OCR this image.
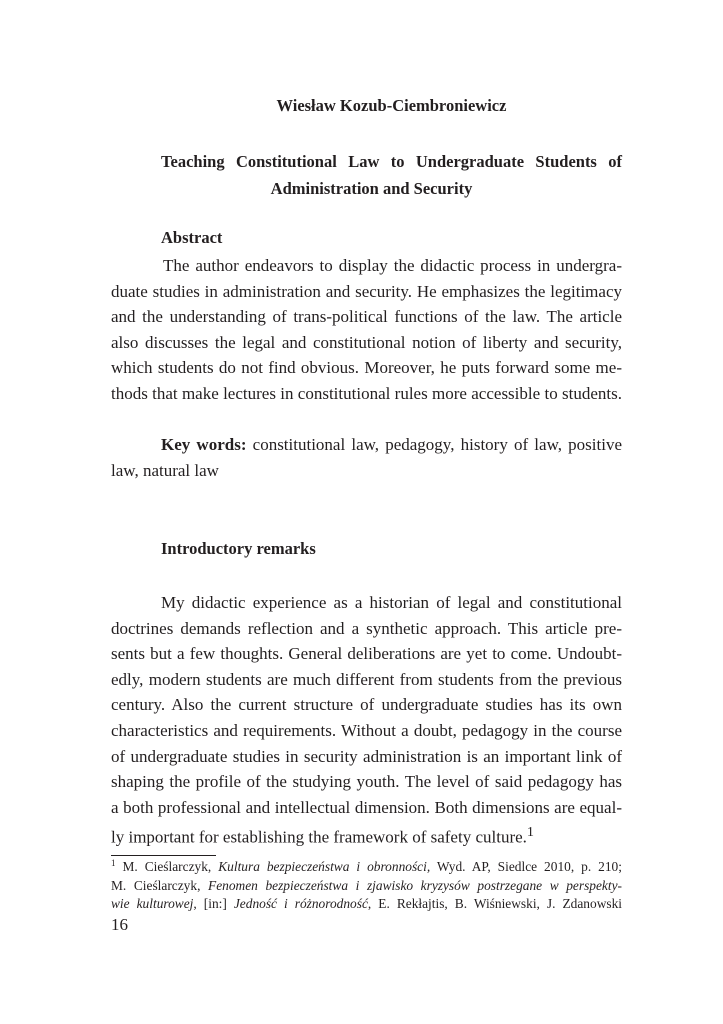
Wiesław Kozub-Ciembroniewicz
Teaching Constitutional Law to Undergraduate Students of
Administration and Security
Abstract
The author endeavors to display the didactic process in undergra-
duate studies in administration and security. He emphasizes the legitimacy
and the understanding of trans-political functions of the law. The article
also discusses the legal and constitutional notion of liberty and security,
which students do not find obvious. Moreover, he puts forward some me-
thods that make lectures in constitutional rules more accessible to students.
Key words: constitutional law, pedagogy, history of law, positive
law, natural law
Introductory remarks
My didactic experience as a historian of legal and constitutional
doctrines demands reflection and a synthetic approach. This article pre-
sents but a few thoughts. General deliberations are yet to come. Undoubt-
edly, modern students are much different from students from the previous
century. Also the current structure of undergraduate studies has its own
characteristics and requirements. Without a doubt, pedagogy in the course
of undergraduate studies in security administration is an important link of
shaping the profile of the studying youth. The level of said pedagogy has
a both professional and intellectual dimension. Both dimensions are equal-
ly important for establishing the framework of safety culture.$^1$
$^1$ M. Cieślarczyk, Kultura bezpieczeństwa i obronności, Wyd. AP, Siedlce 2010, p. 210;
M. Cieślarczyk, Fenomen bezpieczeństwa i zjawisko kryzysów postrzegane w perspekty-
wie kulturowej, [in:] Jedność i różnorodność, E. Rekłajtis, B. Wiśniewski, J. Zdanowski
16
